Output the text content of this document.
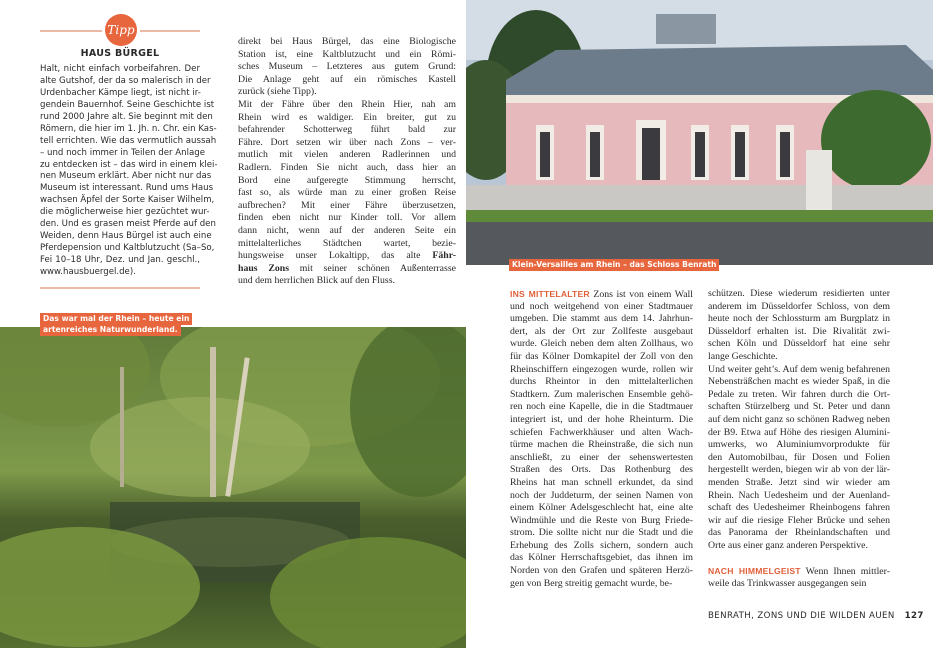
Tipp
HAUS BÜRGEL
Halt, nicht einfach vorbeifahren. Der
alte Gutshof, der da so malerisch in der
Urdenbacher Kämpe liegt, ist nicht ir-
gendein Bauernhof. Seine Geschichte ist
rund 2000 Jahre alt. Sie beginnt mit den
Römern, die hier im 1. Jh. n. Chr. ein Kas-
tell errichten. Wie das vermutlich aussah
– und noch immer in Teilen der Anlage
zu entdecken ist – das wird in einem klei-
nen Museum erklärt. Aber nicht nur das
Museum ist interessant. Rund ums Haus
wachsen Äpfel der Sorte Kaiser Wilhelm,
die möglicherweise hier gezüchtet wur-
den. Und es grasen meist Pferde auf den
Weiden, denn Haus Bürgel ist auch eine
Pferdepension und Kaltblutzucht (Sa–So,
Fei 10–18 Uhr, Dez. und Jan. geschl.,
www.hausbuergel.de).
direkt bei Haus Bürgel, das eine Biologische
Station ist, eine Kaltblutzucht und ein Römi-
sches Museum – Letzteres aus gutem Grund:
Die Anlage geht auf ein römisches Kastell
zurück (siehe Tipp).
Mit der Fähre über den Rhein Hier, nah am
Rhein wird es waldiger. Ein breiter, gut zu
befahrender Schotterweg führt bald zur
Fähre. Dort setzen wir über nach Zons – ver-
mutlich mit vielen anderen Radlerinnen und
Radlern. Finden Sie nicht auch, dass hier an
Bord eine aufgeregte Stimmung herrscht,
fast so, als würde man zu einer großen Reise
aufbrechen? Mit einer Fähre überzusetzen,
finden eben nicht nur Kinder toll. Vor allem
dann nicht, wenn auf der anderen Seite ein
mittelalterliches Städtchen wartet, bezie-
hungsweise unser Lokaltipp, das alte Fähr-
haus Zons mit seiner schönen Außenterrasse
und dem herrlichen Blick auf den Fluss.
Das war mal der Rhein – heute ein
artenreiches Naturwunderland.
Klein-Versailles am Rhein – das Schloss Benrath
INS MITTELALTER Zons ist von einem Wall
und noch weitgehend von einer Stadtmauer
umgeben. Die stammt aus dem 14. Jahrhun-
dert, als der Ort zur Zollfeste ausgebaut
wurde. Gleich neben dem alten Zollhaus, wo
für das Kölner Domkapitel der Zoll von den
Rheinschiffern eingezogen wurde, rollen wir
durchs Rheintor in den mittelalterlichen
Stadtkern. Zum malerischen Ensemble gehö-
ren noch eine Kapelle, die in die Stadtmauer
integriert ist, und der hohe Rheinturm. Die
schiefen Fachwerkhäuser und alten Wach-
türme machen die Rheinstraße, die sich nun
anschließt, zu einer der sehenswertesten
Straßen des Orts. Das Rothenburg des
Rheins hat man schnell erkundet, da sind
noch der Juddeturm, der seinen Namen von
einem Kölner Adelsgeschlecht hat, eine alte
Windmühle und die Reste von Burg Friede-
strom. Die sollte nicht nur die Stadt und die
Erhebung des Zolls sichern, sondern auch
das Kölner Herrschaftsgebiet, das ihnen im
Norden von den Grafen und späteren Herzö-
gen von Berg streitig gemacht wurde, be-
schützen. Diese wiederum residierten unter
anderem im Düsseldorfer Schloss, von dem
heute noch der Schlossturm am Burgplatz in
Düsseldorf erhalten ist. Die Rivalität zwi-
schen Köln und Düsseldorf hat eine sehr
lange Geschichte.
Und weiter geht’s. Auf dem wenig befahrenen
Nebensträßchen macht es wieder Spaß, in die
Pedale zu treten. Wir fahren durch die Ort-
schaften Stürzelberg und St. Peter und dann
auf dem nicht ganz so schönen Radweg neben
der B9. Etwa auf Höhe des riesigen Alumini-
umwerks, wo Aluminiumvorprodukte für
den Automobilbau, für Dosen und Folien
hergestellt werden, biegen wir ab von der lär-
menden Straße. Jetzt sind wir wieder am
Rhein. Nach Uedesheim und der Auenland-
schaft des Uedesheimer Rheinbogens fahren
wir auf die riesige Fleher Brücke und sehen
das Panorama der Rheinlandschaften und
Orte aus einer ganz anderen Perspektive.
NACH HIMMELGEIST Wenn Ihnen mittler-
weile das Trinkwasser ausgegangen sein
BENRATH, ZONS UND DIE WILDEN AUEN 127
